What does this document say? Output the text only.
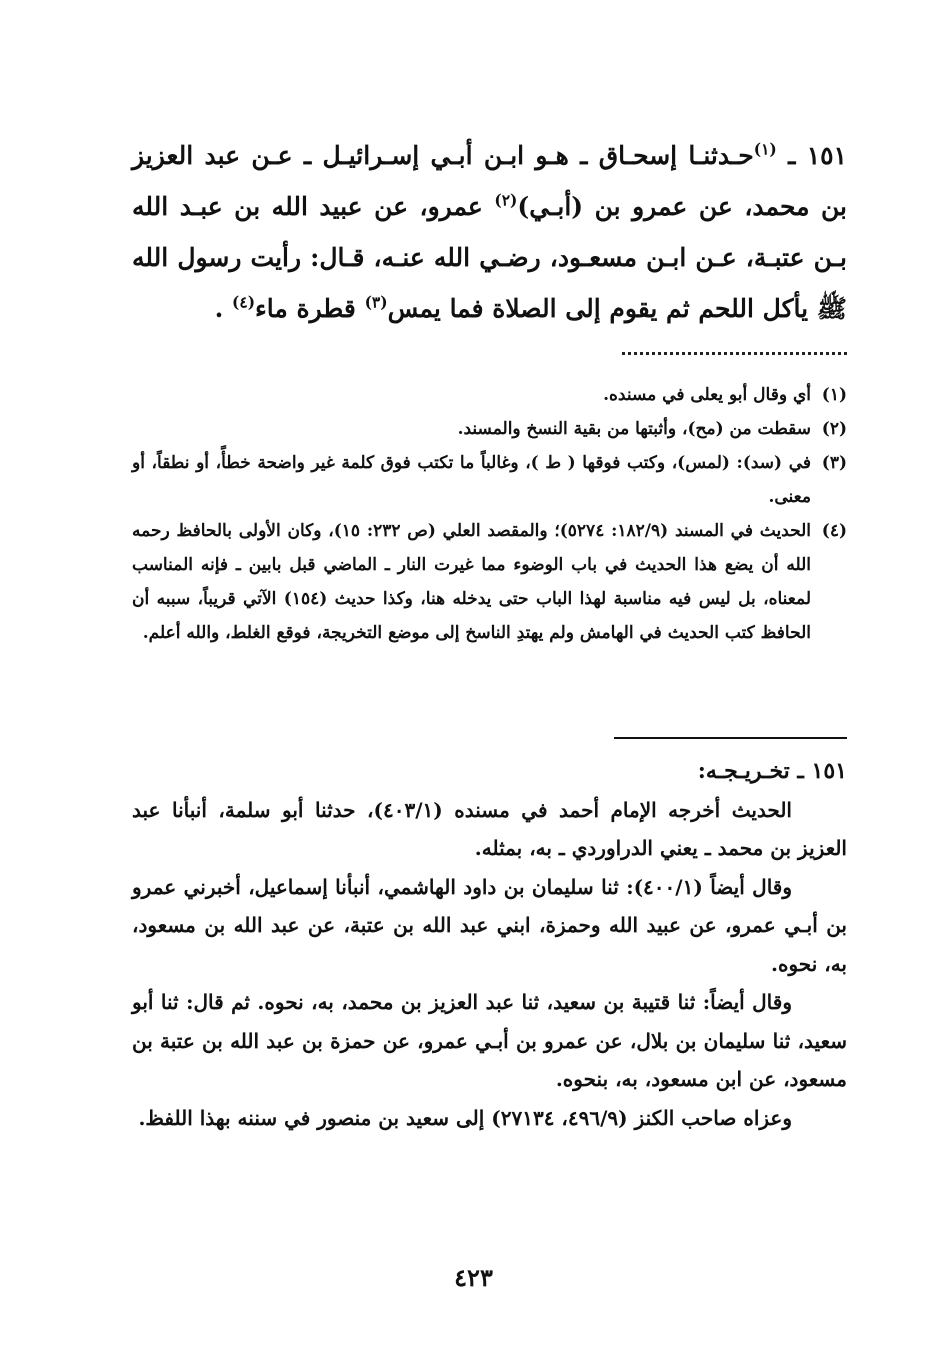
١٥١ ـ $^{(١)}$حـدثنـا إسحـاق ـ هـو ابـن أبـي إسـرائيـل ـ عـن عبد العزيز بن محمد، عن عمرو بن (أبـي)$^{(٢)}$ عمرو، عن عبيد الله بن عبـد الله بـن عتبـة، عـن ابـن مسعـود، رضـي الله عنـه، قـال: رأيت رسول الله ﷺ يأكل اللحم ثم يقوم إلى الصلاة فما يمس$^{(٣)}$ قطرة ماء$^{(٤)}$ .

(١)
أي وقال أبو يعلى في مسنده.

(٢)
سقطت من (مح)، وأثبتها من بقية النسخ والمسند.

(٣)
في (سد): (لمس)، وكتب فوقها ( ط )، وغالباً ما تكتب فوق كلمة غير واضحة خطأً، أو نطقاً، أو معنى.

(٤)
الحديث في المسند (١٨٢/٩: ٥٢٧٤)؛ والمقصد العلي (ص ٢٣٢: ١٥)، وكان الأولى بالحافظ رحمه الله أن يضع هذا الحديث في باب الوضوء مما غيرت النار ـ الماضي قبل بابين ـ فإنه المناسب لمعناه، بل ليس فيه مناسبة لهذا الباب حتى يدخله هنا، وكذا حديث (١٥٤) الآتي قريباً، سببه أن الحافظ كتب الحديث في الهامش ولم يهتدِ الناسخ إلى موضع التخريجة، فوقع الغلط، والله أعلم.

١٥١ ـ تخـريـجـه:

الحديث أخرجه الإمام أحمد في مسنده (٤٠٣/١)، حدثنا أبو سلمة، أنبأنا عبد العزيز بن محمد ـ يعني الدراوردي ـ به، بمثله.

وقال أيضاً (٤٠٠/١): ثنا سليمان بن داود الهاشمي، أنبأنا إسماعيل، أخبرني عمرو بن أبـي عمرو، عن عبيد الله وحمزة، ابني عبد الله بن عتبة، عن عبد الله بن مسعود، به، نحوه.

وقال أيضاً: ثنا قتيبة بن سعيد، ثنا عبد العزيز بن محمد، به، نحوه. ثم قال: ثنا أبو سعيد، ثنا سليمان بن بلال، عن عمرو بن أبـي عمرو، عن حمزة بن عبد الله بن عتبة بن مسعود، عن ابن مسعود، به، بنحوه.

وعزاه صاحب الكنز (٤٩٦/٩، ٢٧١٣٤) إلى سعيد بن منصور في سننه بهذا اللفظ.

٤٢٣
